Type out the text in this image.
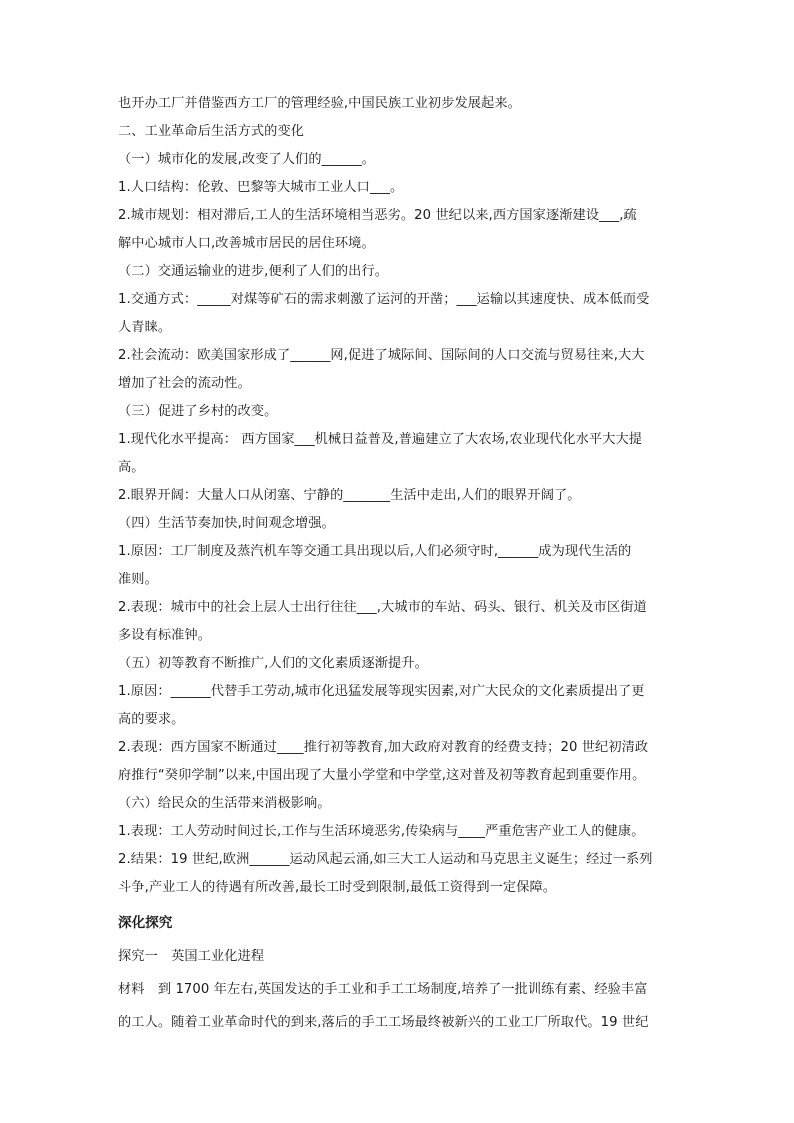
也开办工厂并借鉴西方工厂的管理经验,中国民族工业初步发展起来。
二、工业革命后生活方式的变化
（一）城市化的发展,改变了人们的______。
1.人口结构：伦敦、巴黎等大城市工业人口___。
2.城市规划：相对滞后,工人的生活环境相当恶劣。20 世纪以来,西方国家逐渐建设___,疏
解中心城市人口,改善城市居民的居住环境。
（二）交通运输业的进步,便利了人们的出行。
1.交通方式：_____对煤等矿石的需求刺激了运河的开凿；___运输以其速度快、成本低而受
人青睐。
2.社会流动：欧美国家形成了______网,促进了城际间、国际间的人口交流与贸易往来,大大
增加了社会的流动性。
（三）促进了乡村的改变。
1.现代化水平提高： 西方国家___机械日益普及,普遍建立了大农场,农业现代化水平大大提
高。
2.眼界开阔：大量人口从闭塞、宁静的_______生活中走出,人们的眼界开阔了。
（四）生活节奏加快,时间观念增强。
1.原因：工厂制度及蒸汽机车等交通工具出现以后,人们必须守时,______成为现代生活的
准则。
2.表现：城市中的社会上层人士出行往往___,大城市的车站、码头、银行、机关及市区街道
多设有标准钟。
（五）初等教育不断推广,人们的文化素质逐渐提升。
1.原因：______代替手工劳动,城市化迅猛发展等现实因素,对广大民众的文化素质提出了更
高的要求。
2.表现：西方国家不断通过____推行初等教育,加大政府对教育的经费支持；20 世纪初清政
府推行“癸卯学制”以来,中国出现了大量小学堂和中学堂,这对普及初等教育起到重要作用。
（六）给民众的生活带来消极影响。
1.表现：工人劳动时间过长,工作与生活环境恶劣,传染病与____严重危害产业工人的健康。
2.结果：19 世纪,欧洲______运动风起云涌,如三大工人运动和马克思主义诞生；经过一系列
斗争,产业工人的待遇有所改善,最长工时受到限制,最低工资得到一定保障。
深化探究
探究一　英国工业化进程
材料　到 1700 年左右,英国发达的手工业和手工工场制度,培养了一批训练有素、经验丰富
的工人。随着工业革命时代的到来,落后的手工工场最终被新兴的工业工厂所取代。19 世纪
